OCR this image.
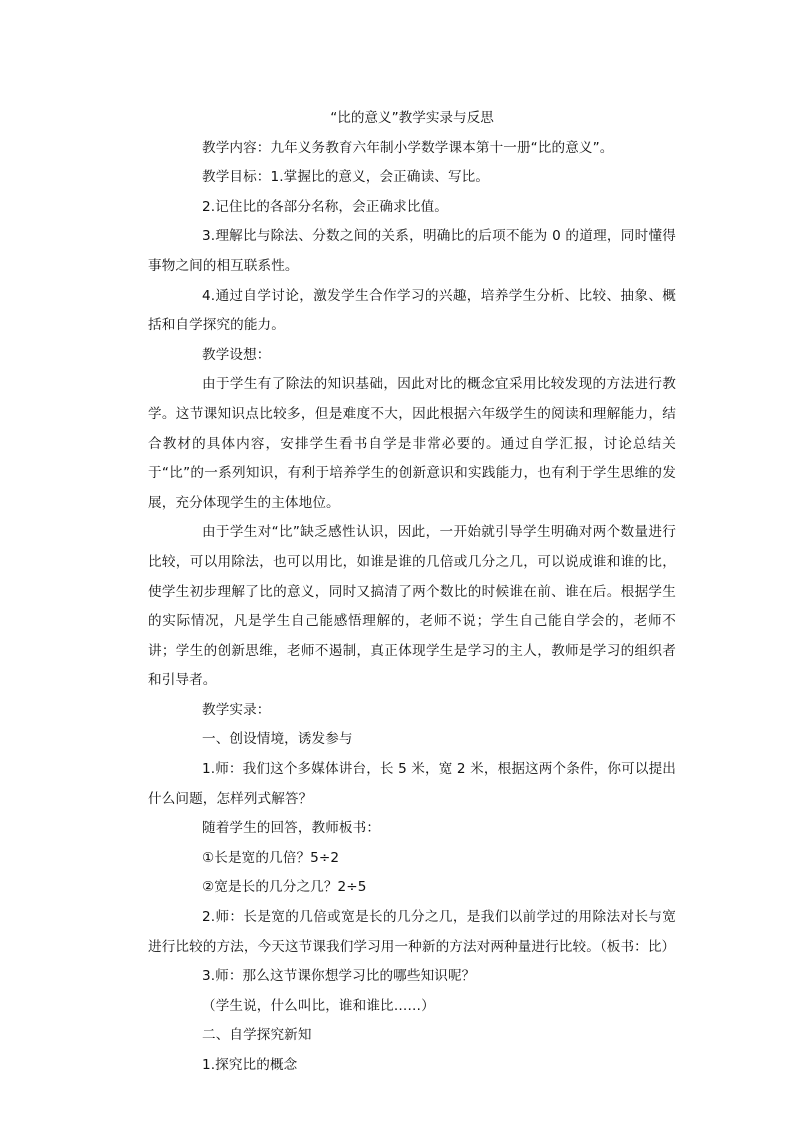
“比的意义”教学实录与反思

教学内容：九年义务教育六年制小学数学课本第十一册“比的意义”。

教学目标：1.掌握比的意义，会正确读、写比。

2.记住比的各部分名称，会正确求比值。

3.理解比与除法、分数之间的关系，明确比的后项不能为 0 的道理，同时懂得事物之间的相互联系性。

4.通过自学讨论，激发学生合作学习的兴趣，培养学生分析、比较、抽象、概括和自学探究的能力。

教学设想：

由于学生有了除法的知识基础，因此对比的概念宜采用比较发现的方法进行教学。这节课知识点比较多，但是难度不大，因此根据六年级学生的阅读和理解能力，结合教材的具体内容，安排学生看书自学是非常必要的。通过自学汇报，讨论总结关于“比”的一系列知识，有利于培养学生的创新意识和实践能力，也有利于学生思维的发展，充分体现学生的主体地位。

由于学生对“比”缺乏感性认识，因此，一开始就引导学生明确对两个数量进行比较，可以用除法，也可以用比，如谁是谁的几倍或几分之几，可以说成谁和谁的比，使学生初步理解了比的意义，同时又搞清了两个数比的时候谁在前、谁在后。根据学生的实际情况，凡是学生自己能感悟理解的，老师不说；学生自己能自学会的，老师不讲；学生的创新思维，老师不遏制，真正体现学生是学习的主人，教师是学习的组织者和引导者。

教学实录：

一、创设情境，诱发参与

1.师：我们这个多媒体讲台，长 5 米，宽 2 米，根据这两个条件，你可以提出什么问题，怎样列式解答？

随着学生的回答，教师板书：

①长是宽的几倍？5÷2

②宽是长的几分之几？2÷5

2.师：长是宽的几倍或宽是长的几分之几，是我们以前学过的用除法对长与宽进行比较的方法，今天这节课我们学习用一种新的方法对两种量进行比较。（板书：比）

3.师：那么这节课你想学习比的哪些知识呢？

（学生说，什么叫比，谁和谁比……）

二、自学探究新知

1.探究比的概念
